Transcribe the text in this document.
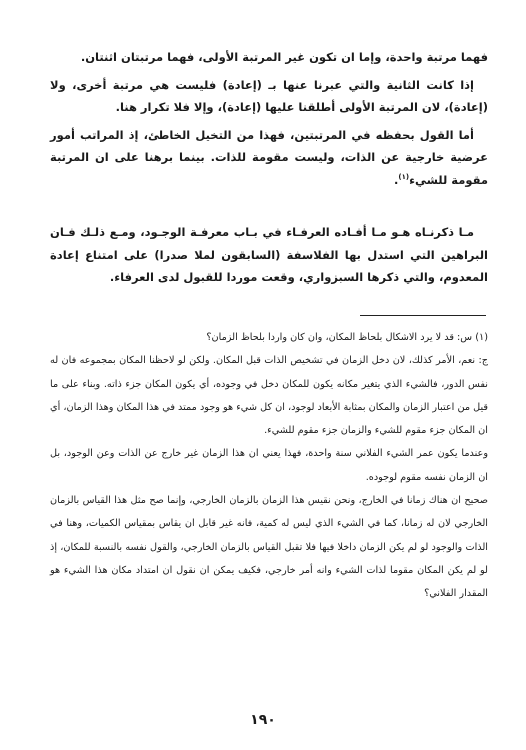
فهما مرتبة واحدة، وإما ان تكون غير المرتبة الأولى، فهما مرتبتان اثنتان.

إذا كانت الثانية والتي عبرنا عنها بـ (إعادة) فليست هي مرتبة أخرى، ولا (إعادة)، لان المرتبة الأولى أطلقنا عليها (إعادة)، وإلا فلا تكرار هنا.

أما القول بحفظه في المرتبتين، فهذا من التخيل الخاطئ، إذ المراتب أمور عرضية خارجية عن الذات، وليست مقومة للذات. بينما برهنا على ان المرتبة مقومة للشيء$^{(١)}$.

مـا ذكرنـاه هـو مـا أفـاده العرفـاء في بـاب معرفـة الوجـود، ومـع ذلـك فـان البراهين التي استدل بها الفلاسفة (السابقون لملا صدرا) على امتناع إعادة المعدوم، والتي ذكرها السبزواري، وقعت موردا للقبول لدى العرفاء.

(١) س: قد لا يرد الاشكال بلحاظ المكان، وان كان واردا بلحاظ الزمان؟

ج: نعم، الأمر كذلك، لان دخل الزمان في تشخيص الذات قبل المكان. ولكن لو لاحظنا المكان بمجموعه فان له نفس الدور، فالشيء الذي يتغير مكانه يكون للمكان دخل في وجوده، أي يكون المكان جزء ذاته. وبناء على ما قيل من اعتبار الزمان والمكان بمثابة الأبعاد لوجود، ان كل شيء هو وجود ممتد في هذا المكان وهذا الزمان، أي ان المكان جزء مقوم للشيء والزمان جزء مقوم للشيء.

وعندما يكون عمر الشيء الفلاني سنة واحدة، فهذا يعني ان هذا الزمان غير خارج عن الذات وعن الوجود، بل ان الزمان نفسه مقوم لوجوده.

صحيح ان هناك زمانا في الخارج، ونحن نقيس هذا الزمان بالزمان الخارجي، وإنما صح مثل هذا القياس بالزمان الخارجي لان له زمانا، كما في الشيء الذي ليس له كمية، فانه غير قابل ان يقاس بمقياس الكميات، وهنا في الذات والوجود لو لم يكن الزمان داخلا فيها فلا تقبل القياس بالزمان الخارجي، والقول نفسه بالنسبة للمكان، إذ لو لم يكن المكان مقوما لذات الشيء وانه أمر خارجي، فكيف يمكن ان نقول ان امتداد مكان هذا الشيء هو المقدار الفلاني؟

١٩٠
